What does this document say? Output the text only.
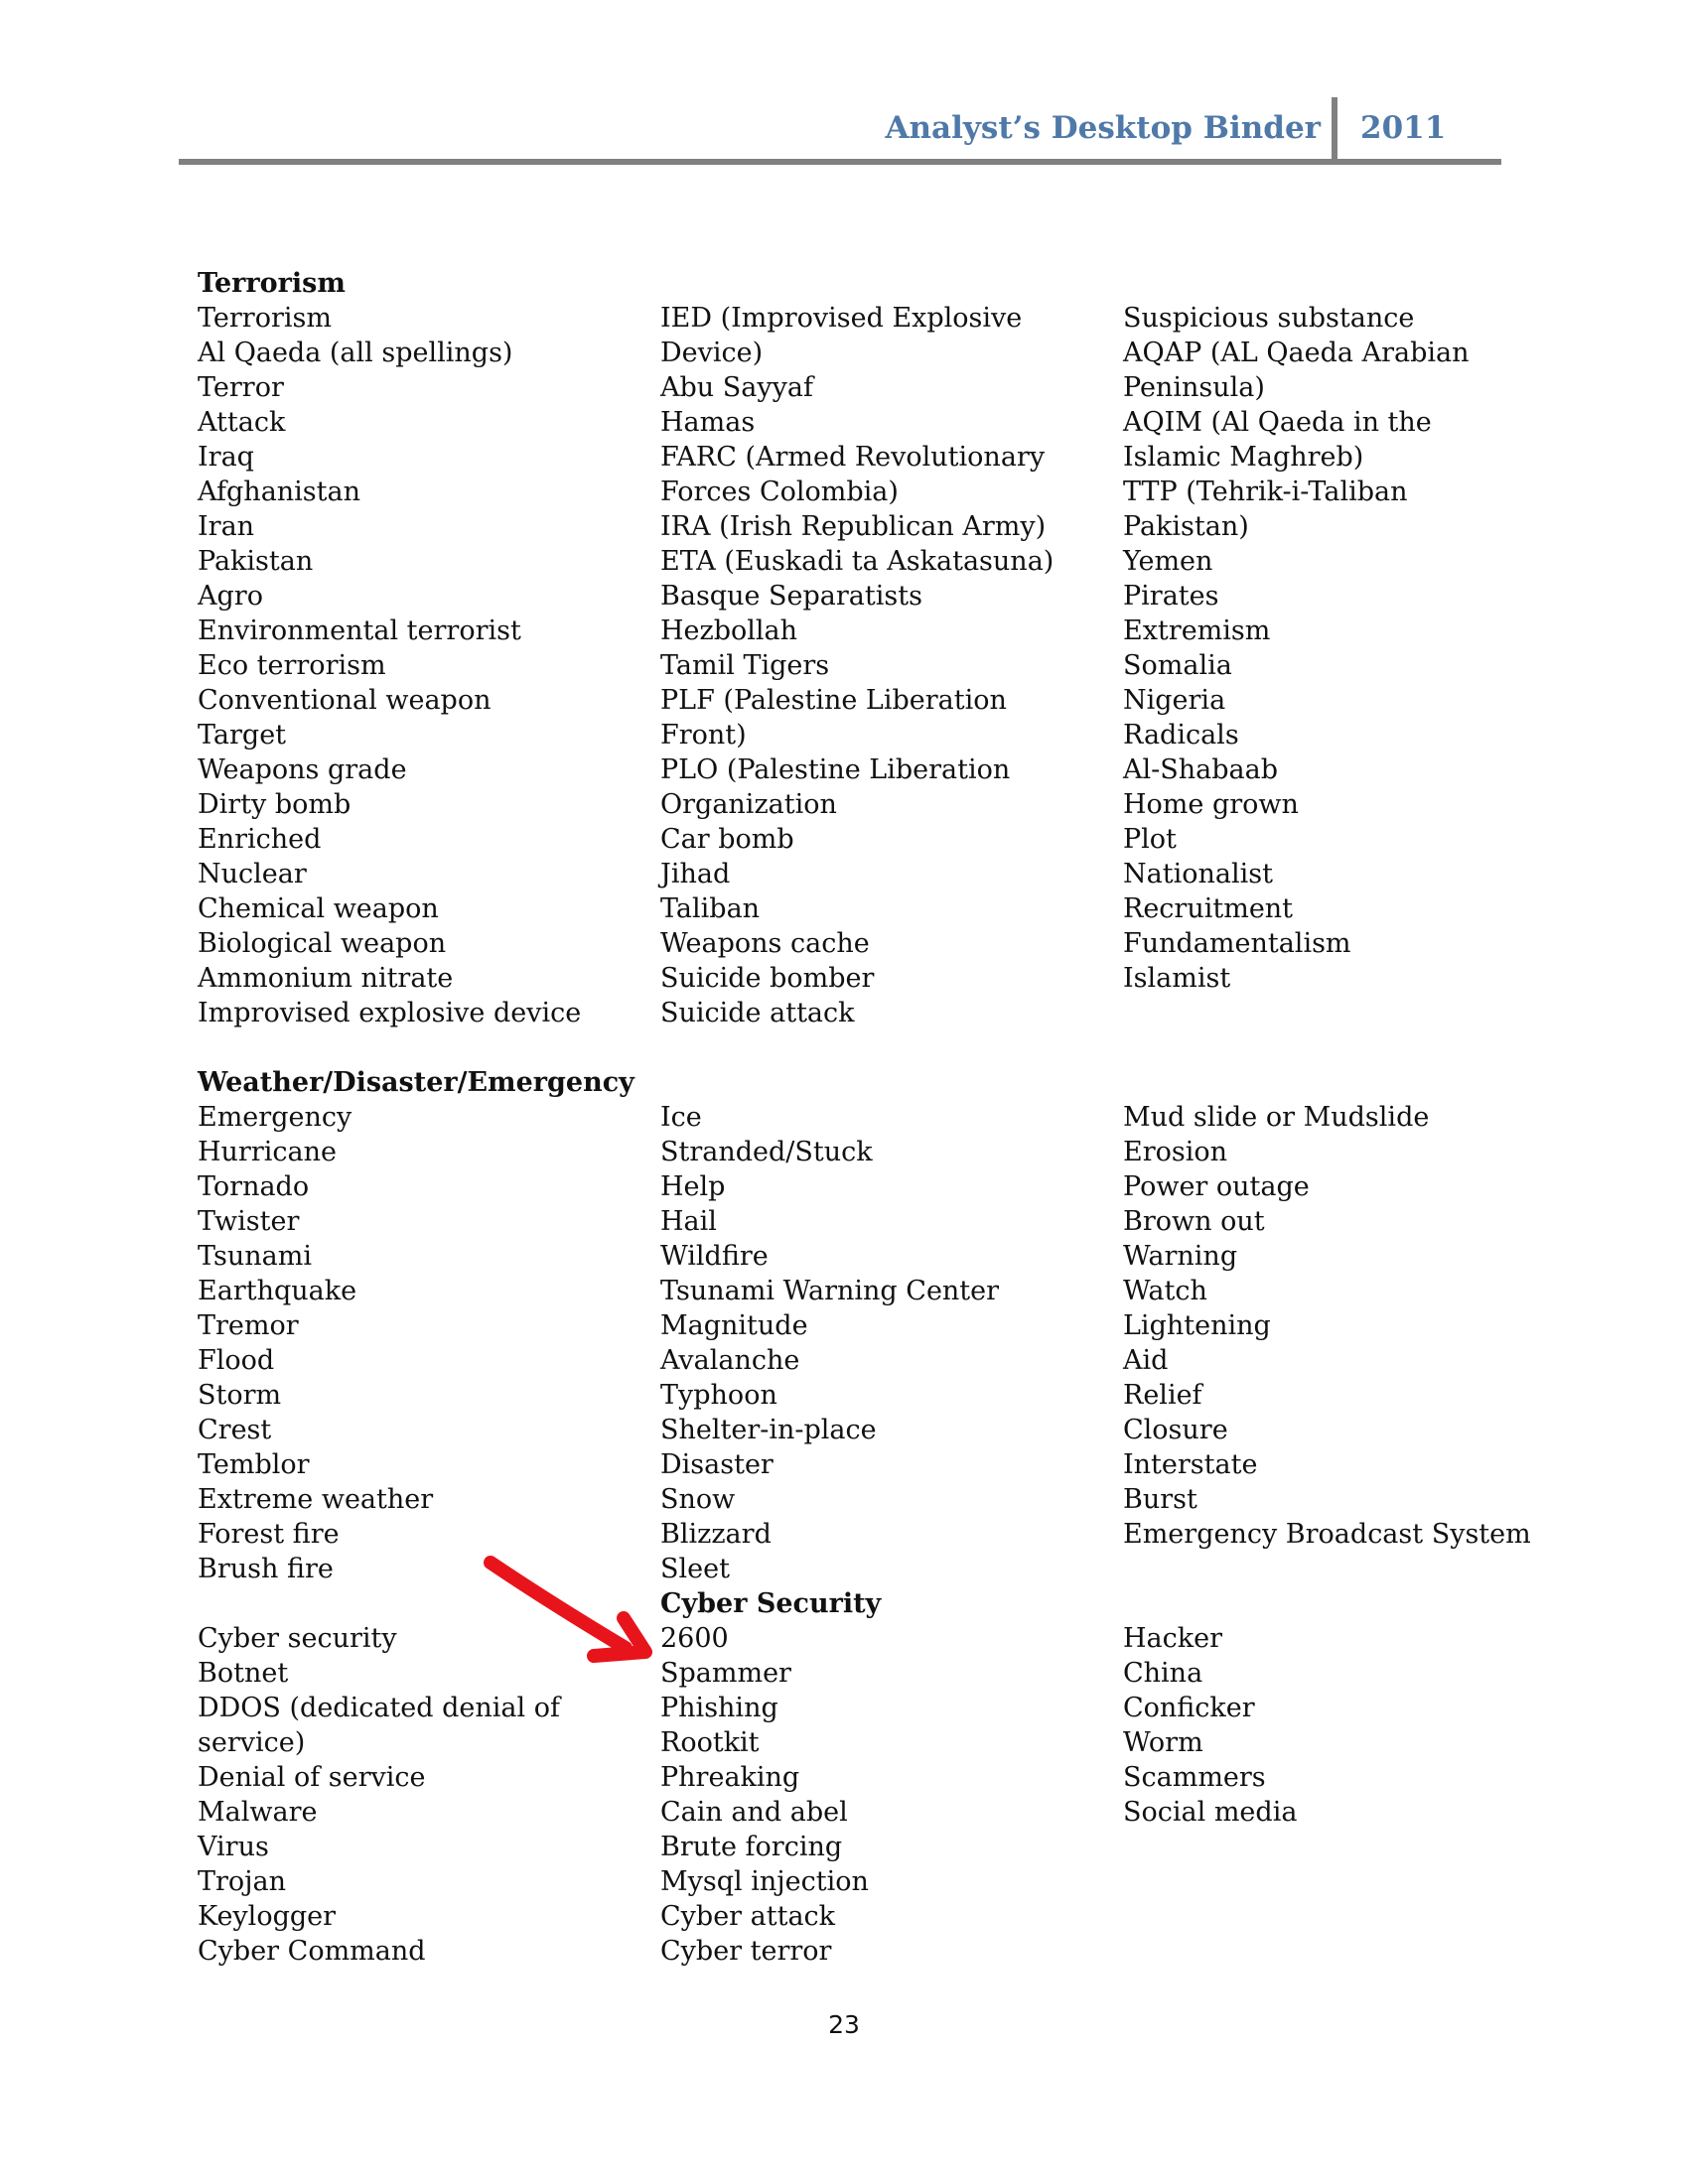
Analyst’s Desktop Binder 2011
Terrorism
Terrorism
Al Qaeda (all spellings)
Terror
Attack
Iraq
Afghanistan
Iran
Pakistan
Agro
Environmental terrorist
Eco terrorism
Conventional weapon
Target
Weapons grade
Dirty bomb
Enriched
Nuclear
Chemical weapon
Biological weapon
Ammonium nitrate
Improvised explosive device
IED (Improvised Explosive
Device)
Abu Sayyaf
Hamas
FARC (Armed Revolutionary
Forces Colombia)
IRA (Irish Republican Army)
ETA (Euskadi ta Askatasuna)
Basque Separatists
Hezbollah
Tamil Tigers
PLF (Palestine Liberation
Front)
PLO (Palestine Liberation
Organization
Car bomb
Jihad
Taliban
Weapons cache
Suicide bomber
Suicide attack
Suspicious substance
AQAP (AL Qaeda Arabian
Peninsula)
AQIM (Al Qaeda in the
Islamic Maghreb)
TTP (Tehrik-i-Taliban
Pakistan)
Yemen
Pirates
Extremism
Somalia
Nigeria
Radicals
Al-Shabaab
Home grown
Plot
Nationalist
Recruitment
Fundamentalism
Islamist
Weather/Disaster/Emergency
Emergency
Hurricane
Tornado
Twister
Tsunami
Earthquake
Tremor
Flood
Storm
Crest
Temblor
Extreme weather
Forest fire
Brush fire
Ice
Stranded/Stuck
Help
Hail
Wildfire
Tsunami Warning Center
Magnitude
Avalanche
Typhoon
Shelter-in-place
Disaster
Snow
Blizzard
Sleet
Mud slide or Mudslide
Erosion
Power outage
Brown out
Warning
Watch
Lightening
Aid
Relief
Closure
Interstate
Burst
Emergency Broadcast System
Cyber Security
Cyber security
Botnet
DDOS (dedicated denial of
service)
Denial of service
Malware
Virus
Trojan
Keylogger
Cyber Command
2600
Spammer
Phishing
Rootkit
Phreaking
Cain and abel
Brute forcing
Mysql injection
Cyber attack
Cyber terror
Hacker
China
Conficker
Worm
Scammers
Social media
23
